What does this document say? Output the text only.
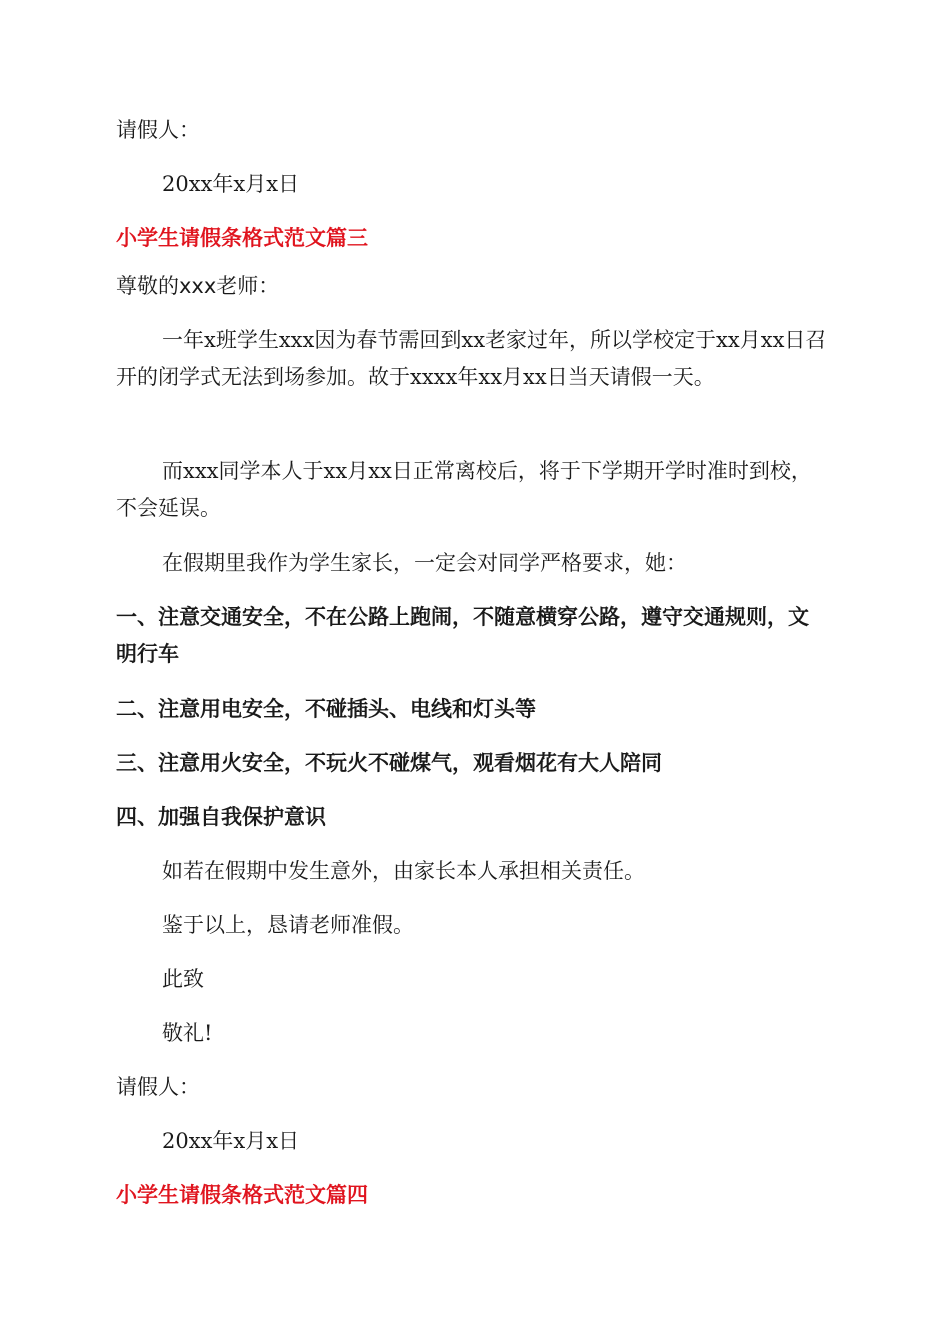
请假人：
20xx年x月x日
小学生请假条格式范文篇三
尊敬的xxx老师：
一年x班学生xxx因为春节需回到xx老家过年，所以学校定于xx月xx日召开的闭学式无法到场参加。故于xxxx年xx月xx日当天请假一天。
而xxx同学本人于xx月xx日正常离校后，将于下学期开学时准时到校，不会延误。
在假期里我作为学生家长，一定会对同学严格要求，她：
一、注意交通安全，不在公路上跑闹，不随意横穿公路，遵守交通规则，文明行车
二、注意用电安全，不碰插头、电线和灯头等
三、注意用火安全，不玩火不碰煤气，观看烟花有大人陪同
四、加强自我保护意识
如若在假期中发生意外，由家长本人承担相关责任。
鉴于以上，恳请老师准假。
此致
敬礼!
请假人：
20xx年x月x日
小学生请假条格式范文篇四
